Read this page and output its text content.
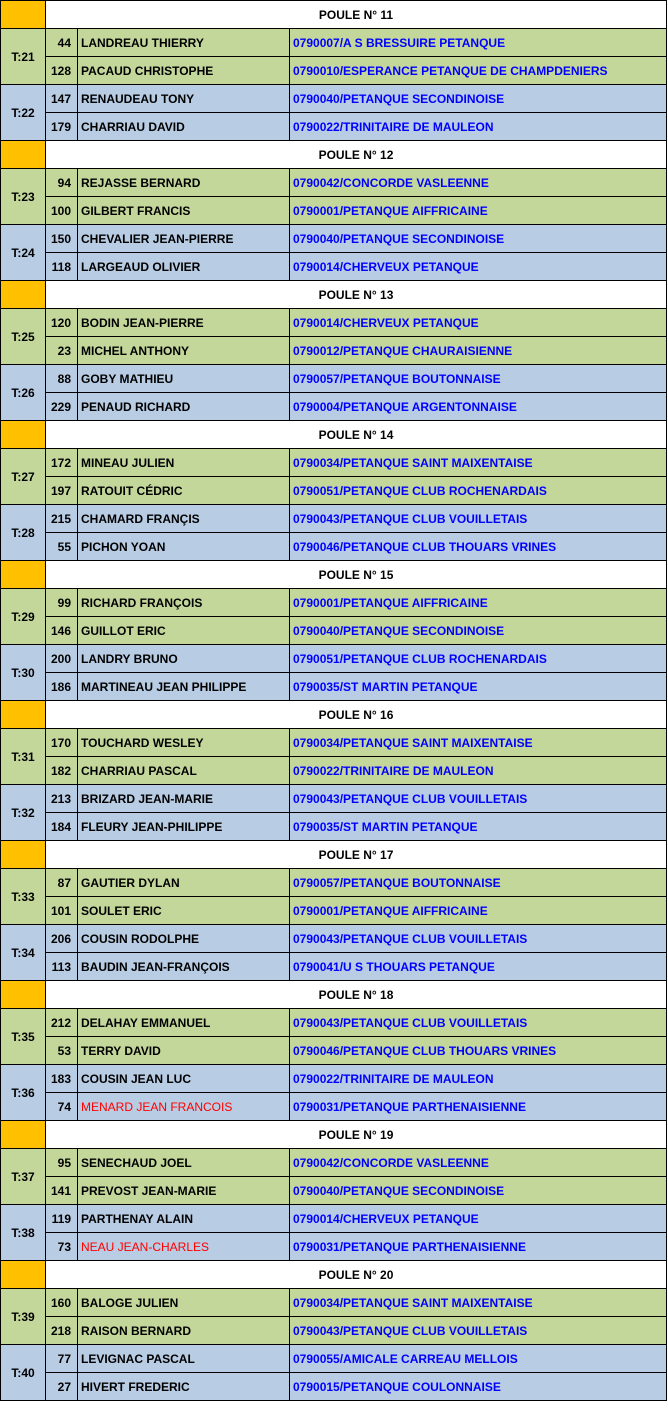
	POULE N° 11		
T:21	44	LANDREAU THIERRY	0790007/A S BRESSUIRE PETANQUE
	128	PACAUD CHRISTOPHE	0790010/ESPERANCE PETANQUE DE CHAMPDENIERS
T:22	147	RENAUDEAU TONY	0790040/PETANQUE SECONDINOISE
	179	CHARRIAU DAVID	0790022/TRINITAIRE DE MAULEON
	POULE N° 12		
T:23	94	REJASSE BERNARD	0790042/CONCORDE VASLEENNE
	100	GILBERT FRANCIS	0790001/PETANQUE AIFFRICAINE
T:24	150	CHEVALIER JEAN-PIERRE	0790040/PETANQUE SECONDINOISE
	118	LARGEAUD OLIVIER	0790014/CHERVEUX PETANQUE
	POULE N° 13		
T:25	120	BODIN JEAN-PIERRE	0790014/CHERVEUX PETANQUE
	23	MICHEL ANTHONY	0790012/PETANQUE CHAURAISIENNE
T:26	88	GOBY MATHIEU	0790057/PETANQUE BOUTONNAISE
	229	PENAUD RICHARD	0790004/PETANQUE ARGENTONNAISE
	POULE N° 14		
T:27	172	MINEAU JULIEN	0790034/PETANQUE SAINT MAIXENTAISE
	197	RATOUIT CÉDRIC	0790051/PETANQUE CLUB ROCHENARDAIS
T:28	215	CHAMARD FRANÇIS	0790043/PETANQUE CLUB VOUILLETAIS
	55	PICHON YOAN	0790046/PETANQUE CLUB THOUARS VRINES
	POULE N° 15		
T:29	99	RICHARD FRANÇOIS	0790001/PETANQUE AIFFRICAINE
	146	GUILLOT ERIC	0790040/PETANQUE SECONDINOISE
T:30	200	LANDRY BRUNO	0790051/PETANQUE CLUB ROCHENARDAIS
	186	MARTINEAU JEAN PHILIPPE	0790035/ST MARTIN PETANQUE
	POULE N° 16		
T:31	170	TOUCHARD WESLEY	0790034/PETANQUE SAINT MAIXENTAISE
	182	CHARRIAU PASCAL	0790022/TRINITAIRE DE MAULEON
T:32	213	BRIZARD JEAN-MARIE	0790043/PETANQUE CLUB VOUILLETAIS
	184	FLEURY JEAN-PHILIPPE	0790035/ST MARTIN PETANQUE
	POULE N° 17		
T:33	87	GAUTIER DYLAN	0790057/PETANQUE BOUTONNAISE
	101	SOULET ERIC	0790001/PETANQUE AIFFRICAINE
T:34	206	COUSIN RODOLPHE	0790043/PETANQUE CLUB VOUILLETAIS
	113	BAUDIN JEAN-FRANÇOIS	0790041/U S THOUARS PETANQUE
	POULE N° 18		
T:35	212	DELAHAY EMMANUEL	0790043/PETANQUE CLUB VOUILLETAIS
	53	TERRY DAVID	0790046/PETANQUE CLUB THOUARS VRINES
T:36	183	COUSIN JEAN LUC	0790022/TRINITAIRE DE MAULEON
	74	MENARD JEAN FRANCOIS	0790031/PETANQUE PARTHENAISIENNE
	POULE N° 19		
T:37	95	SENECHAUD JOEL	0790042/CONCORDE VASLEENNE
	141	PREVOST JEAN-MARIE	0790040/PETANQUE SECONDINOISE
T:38	119	PARTHENAY ALAIN	0790014/CHERVEUX PETANQUE
	73	NEAU JEAN-CHARLES	0790031/PETANQUE PARTHENAISIENNE
	POULE N° 20		
T:39	160	BALOGE JULIEN	0790034/PETANQUE SAINT MAIXENTAISE
	218	RAISON BERNARD	0790043/PETANQUE CLUB VOUILLETAIS
T:40	77	LEVIGNAC PASCAL	0790055/AMICALE CARREAU MELLOIS
	27	HIVERT FREDERIC	0790015/PETANQUE COULONNAISE
